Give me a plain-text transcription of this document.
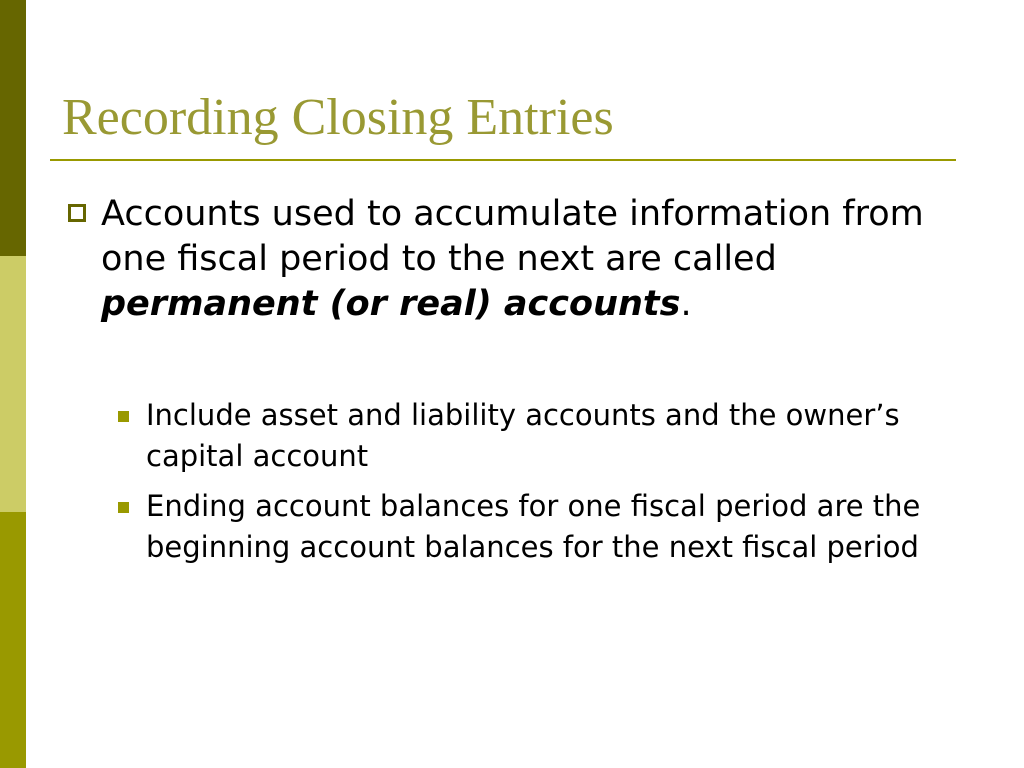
Recording Closing Entries

Accounts used to accumulate information from one fiscal period to the next are called permanent (or real) accounts.

Include asset and liability accounts and the owner’s capital account

Ending account balances for one fiscal period are the beginning account balances for the next fiscal period
